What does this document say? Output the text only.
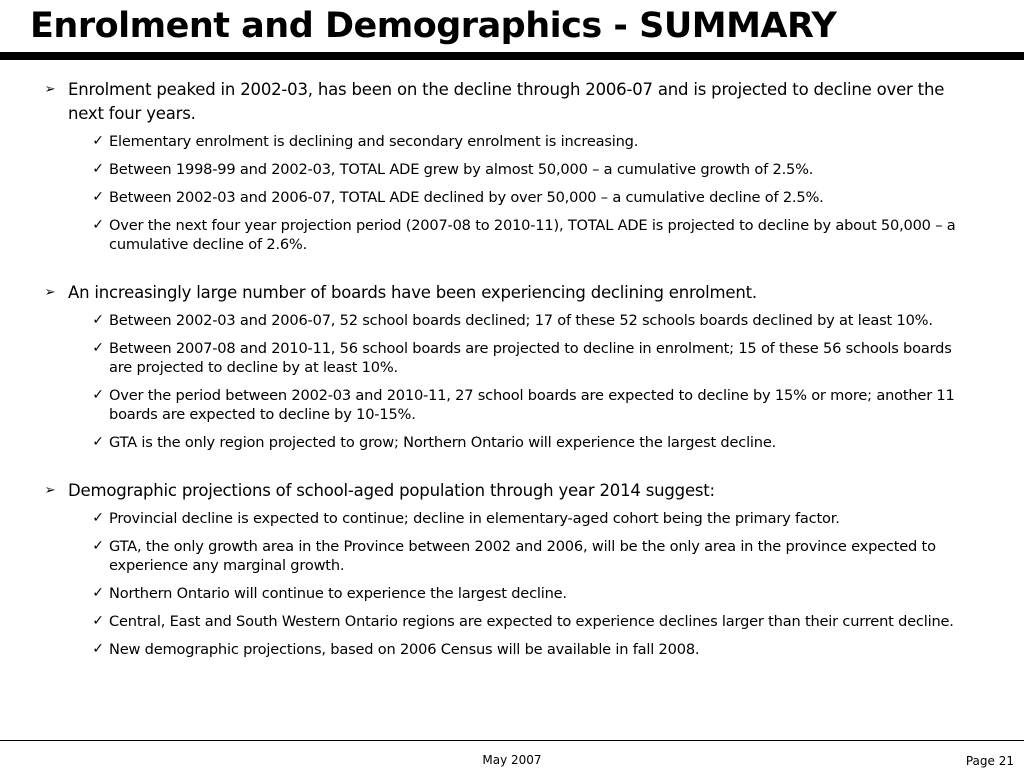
Enrolment and Demographics - SUMMARY
➢ Enrolment peaked in 2002-03, has been on the decline through 2006-07 and is projected to decline over the next four years.
✓ Elementary enrolment is declining and secondary enrolment is increasing.
✓ Between 1998-99 and 2002-03, TOTAL ADE grew by almost 50,000 – a cumulative growth of 2.5%.
✓ Between 2002-03 and 2006-07, TOTAL ADE declined by over 50,000 – a cumulative decline of 2.5%.
✓ Over the next four year projection period (2007-08 to 2010-11), TOTAL ADE is projected to decline by about 50,000 – a cumulative decline of 2.6%.
➢ An increasingly large number of boards have been experiencing declining enrolment.
✓ Between 2002-03 and 2006-07, 52 school boards declined; 17 of these 52 schools boards declined by at least 10%.
✓ Between 2007-08 and 2010-11, 56 school boards are projected to decline in enrolment; 15 of these 56 schools boards are projected to decline by at least 10%.
✓ Over the period between 2002-03 and 2010-11, 27 school boards are expected to decline by 15% or more; another 11 boards are expected to decline by 10-15%.
✓ GTA is the only region projected to grow; Northern Ontario will experience the largest decline.
➢ Demographic projections of school-aged population through year 2014 suggest:
✓ Provincial decline is expected to continue; decline in elementary-aged cohort being the primary factor.
✓ GTA, the only growth area in the Province between 2002 and 2006, will be the only area in the province expected to experience any marginal growth.
✓ Northern Ontario will continue to experience the largest decline.
✓ Central, East and South Western Ontario regions are expected to experience declines larger than their current decline.
✓ New demographic projections, based on 2006 Census will be available in fall 2008.
May 2007	Page 21
